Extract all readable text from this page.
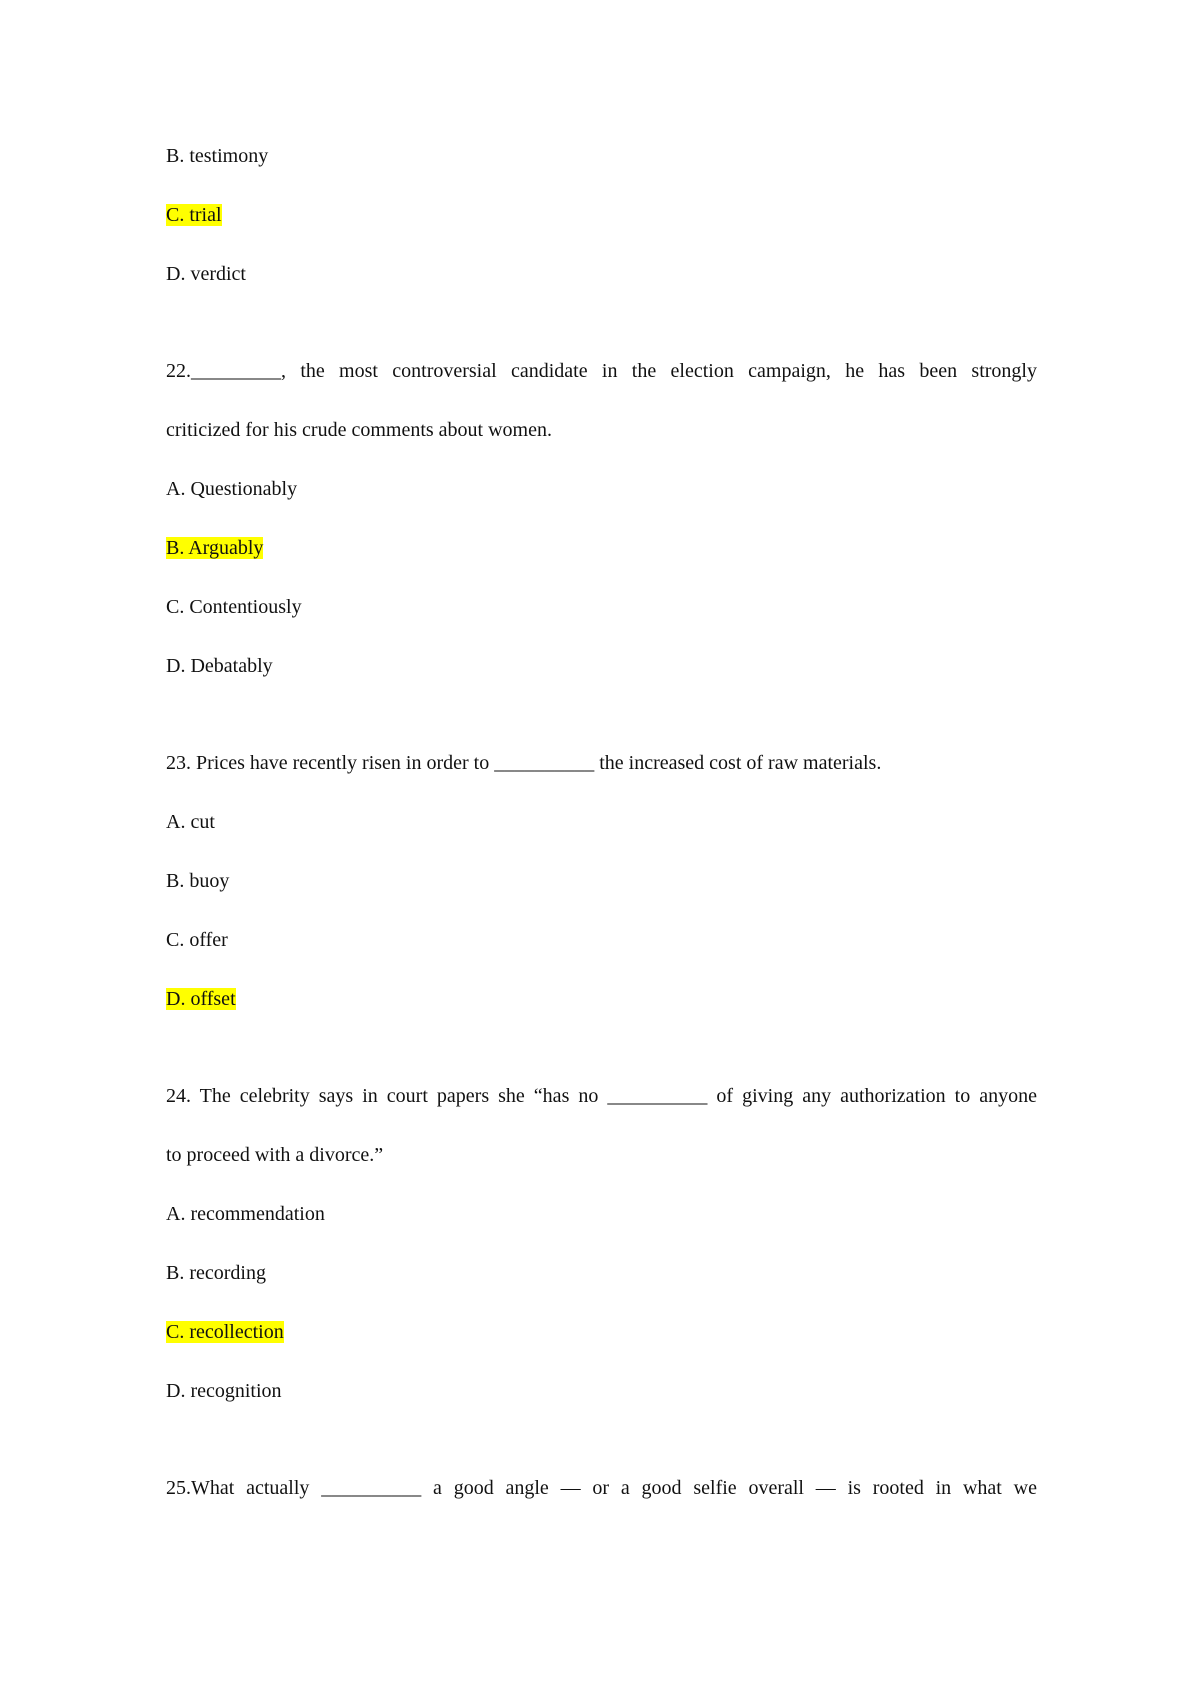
B. testimony
C. trial
D. verdict
22._________, the most controversial candidate in the election campaign, he has been strongly
criticized for his crude comments about women.
A. Questionably
B. Arguably
C. Contentiously
D. Debatably
23. Prices have recently risen in order to __________ the increased cost of raw materials.
A. cut
B. buoy
C. offer
D. offset
24. The celebrity says in court papers she “has no __________ of giving any authorization to anyone
to proceed with a divorce.”
A. recommendation
B. recording
C. recollection
D. recognition
25.What actually __________ a good angle — or a good selfie overall — is rooted in what we
